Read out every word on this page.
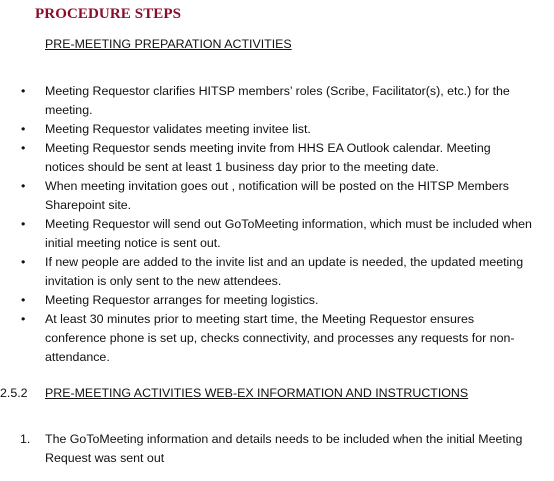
PROCEDURE STEPS
PRE-MEETING PREPARATION ACTIVITIES
• Meeting Requestor clarifies HITSP members’ roles (Scribe, Facilitator(s), etc.) for the
meeting.
• Meeting Requestor validates meeting invitee list.
• Meeting Requestor sends meeting invite from HHS EA Outlook calendar. Meeting
notices should be sent at least 1 business day prior to the meeting date.
• When meeting invitation goes out , notification will be posted on the HITSP Members
Sharepoint site.
• Meeting Requestor will send out GoToMeeting information, which must be included when
initial meeting notice is sent out.
• If new people are added to the invite list and an update is needed, the updated meeting
invitation is only sent to the new attendees.
• Meeting Requestor arranges for meeting logistics.
• At least 30 minutes prior to meeting start time, the Meeting Requestor ensures
conference phone is set up, checks connectivity, and processes any requests for non-
attendance.
2.5.2 PRE-MEETING ACTIVITIES WEB-EX INFORMATION AND INSTRUCTIONS
1. The GoToMeeting information and details needs to be included when the initial Meeting
Request was sent out
